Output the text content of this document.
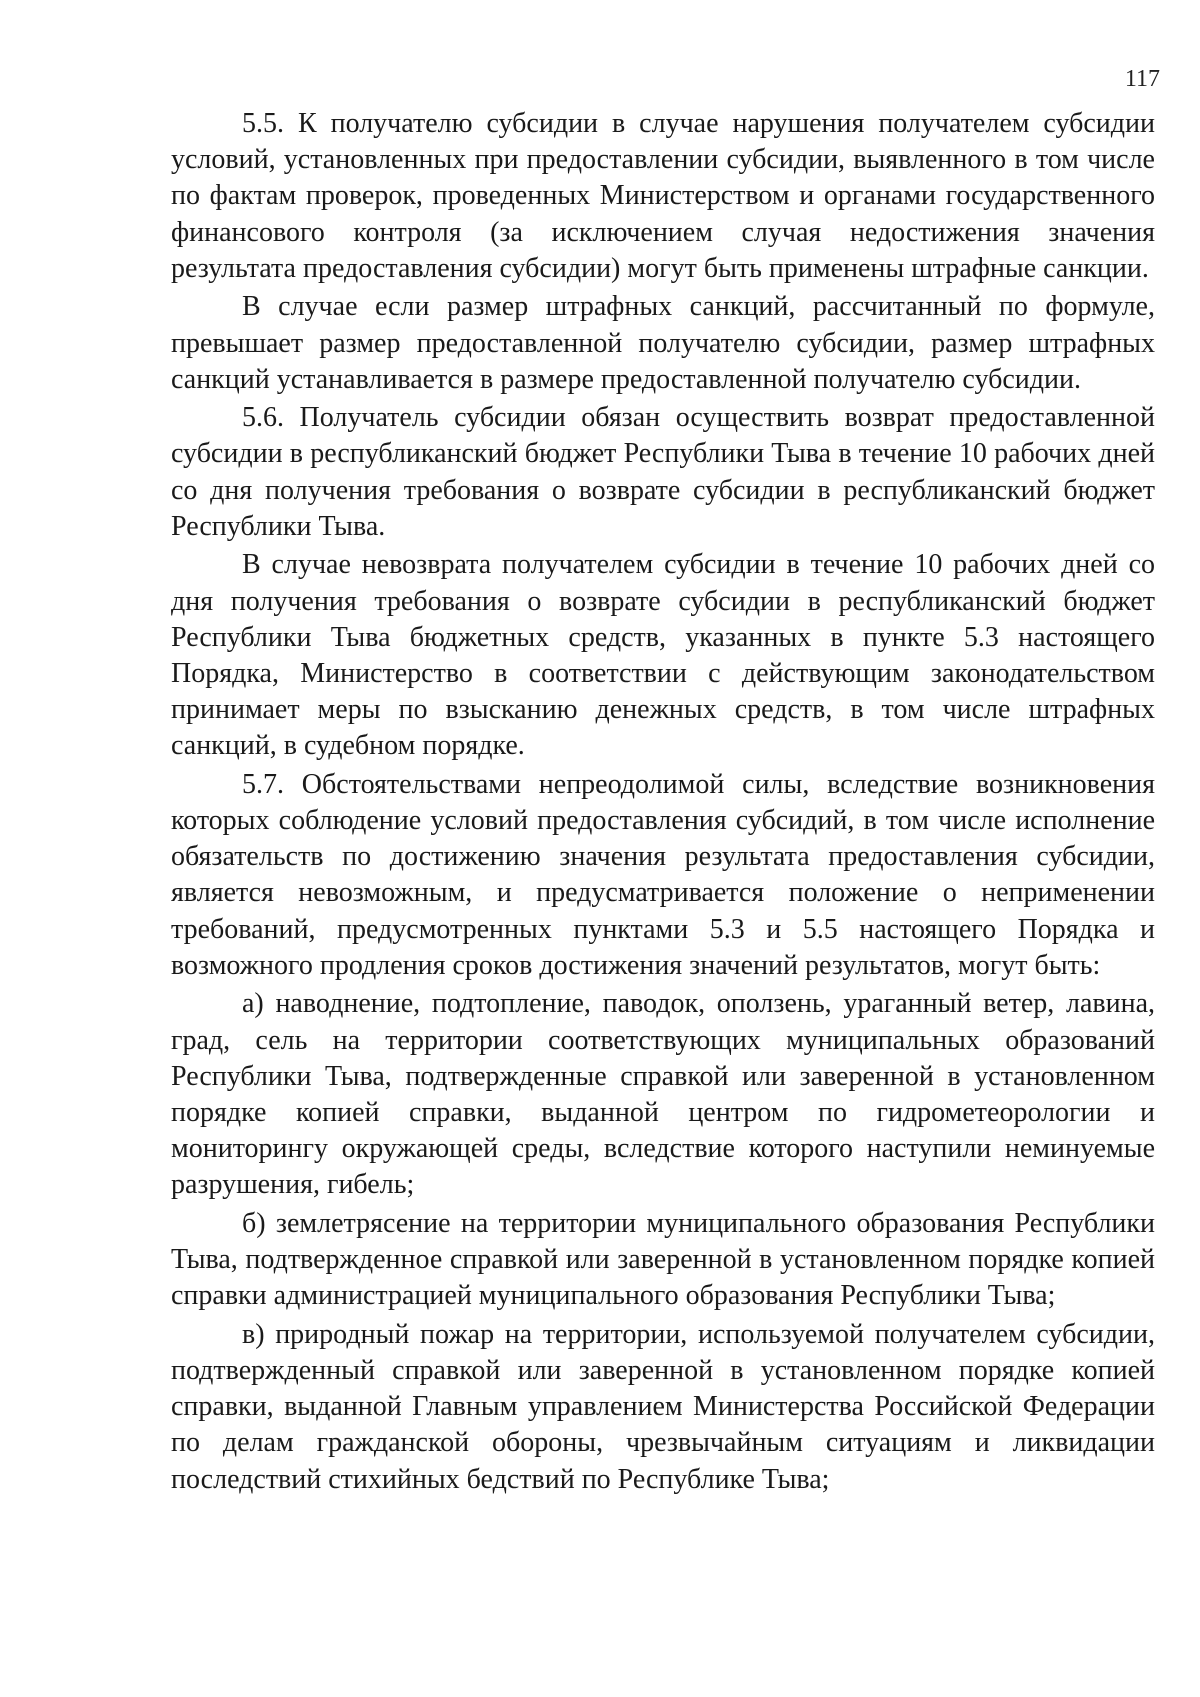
117

5.5. К получателю субсидии в случае нарушения получателем субсидии условий, установленных при предоставлении субсидии, выявленного в том числе по фактам проверок, проведенных Министерством и органами государственного финансового контроля (за исключением случая недостижения значения результата предоставления субсидии) могут быть применены штрафные санкции.

В случае если размер штрафных санкций, рассчитанный по формуле, превышает размер предоставленной получателю субсидии, размер штрафных санкций устанавливается в размере предоставленной получателю субсидии.

5.6. Получатель субсидии обязан осуществить возврат предоставленной субсидии в республиканский бюджет Республики Тыва в течение 10 рабочих дней со дня получения требования о возврате субсидии в республиканский бюджет Республики Тыва.

В случае невозврата получателем субсидии в течение 10 рабочих дней со дня получения требования о возврате субсидии в республиканский бюджет Республики Тыва бюджетных средств, указанных в пункте 5.3 настоящего Порядка, Министерство в соответствии с действующим законодательством принимает меры по взысканию денежных средств, в том числе штрафных санкций, в судебном порядке.

5.7. Обстоятельствами непреодолимой силы, вследствие возникновения которых соблюдение условий предоставления субсидий, в том числе исполнение обязательств по достижению значения результата предоставления субсидии, является невозможным, и предусматривается положение о неприменении требований, предусмотренных пунктами 5.3 и 5.5 настоящего Порядка и возможного продления сроков достижения значений результатов, могут быть:

а) наводнение, подтопление, паводок, оползень, ураганный ветер, лавина, град, сель на территории соответствующих муниципальных образований Республики Тыва, подтвержденные справкой или заверенной в установленном порядке копией справки, выданной центром по гидрометеорологии и мониторингу окружающей среды, вследствие которого наступили неминуемые разрушения, гибель;

б) землетрясение на территории муниципального образования Республики Тыва, подтвержденное справкой или заверенной в установленном порядке копией справки администрацией муниципального образования Республики Тыва;

в) природный пожар на территории, используемой получателем субсидии, подтвержденный справкой или заверенной в установленном порядке копией справки, выданной Главным управлением Министерства Российской Федерации по делам гражданской обороны, чрезвычайным ситуациям и ликвидации последствий стихийных бедствий по Республике Тыва;
